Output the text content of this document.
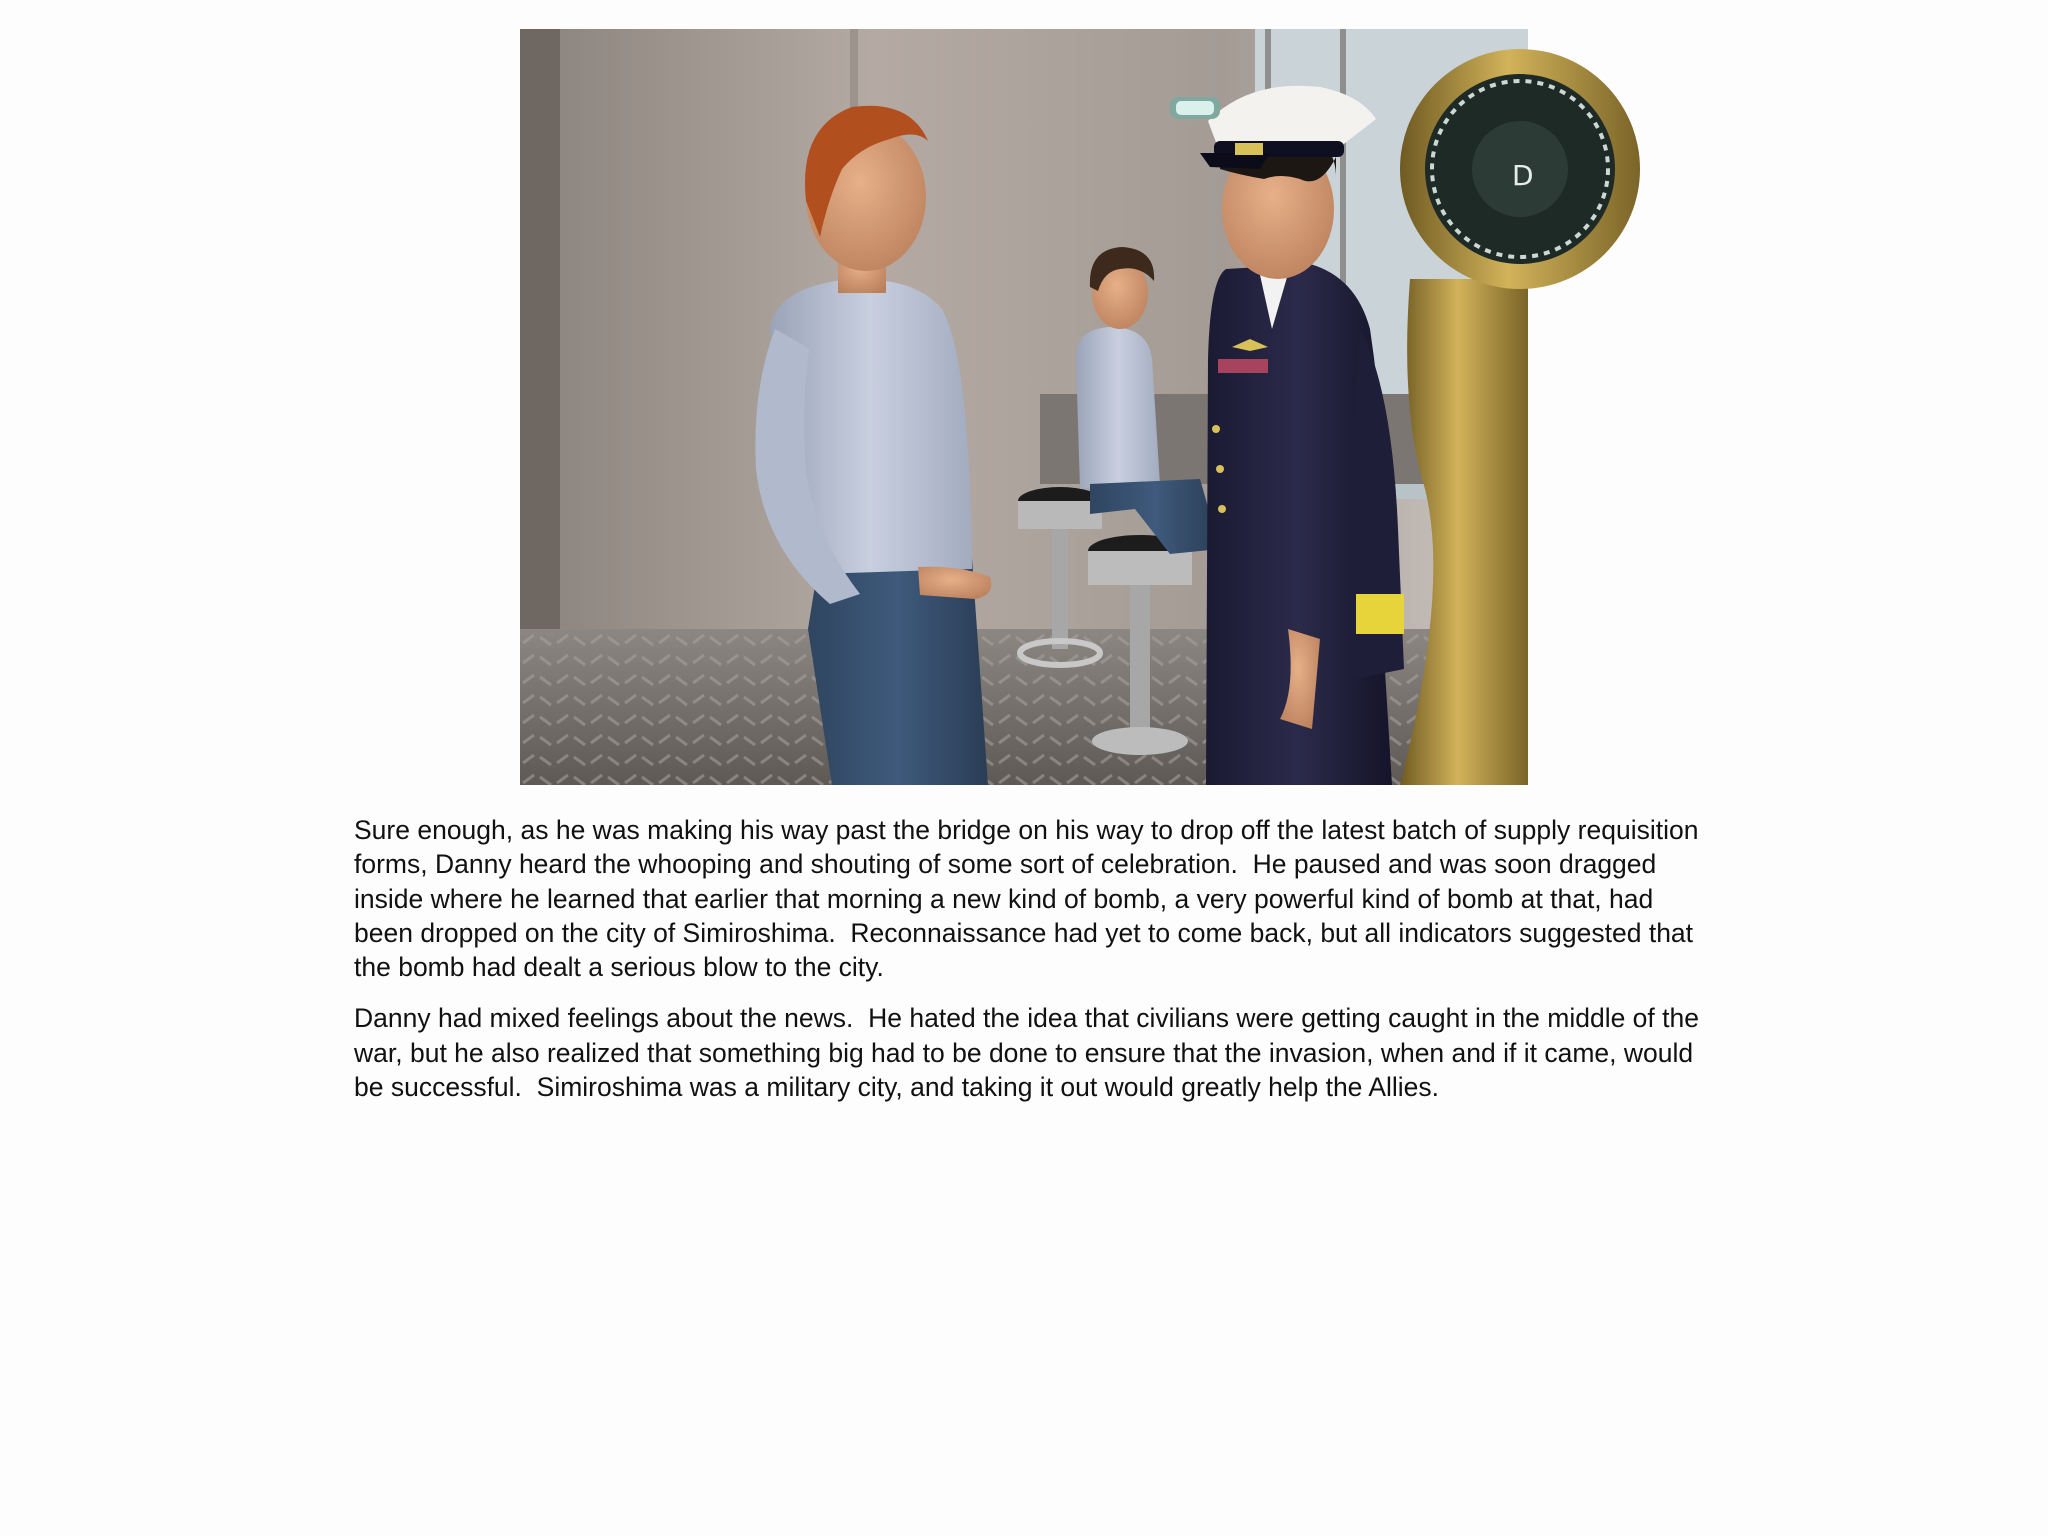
D

Sure enough, as he was making his way past the bridge on his way to drop off the latest batch of supply requisition forms, Danny heard the whooping and shouting of some sort of celebration.  He paused and was soon dragged inside where he learned that earlier that morning a new kind of bomb, a very powerful kind of bomb at that, had been dropped on the city of Simiroshima.  Reconnaissance had yet to come back, but all indicators suggested that the bomb had dealt a serious blow to the city.

Danny had mixed feelings about the news.  He hated the idea that civilians were getting caught in the middle of the war, but he also realized that something big had to be done to ensure that the invasion, when and if it came, would be successful.  Simiroshima was a military city, and taking it out would greatly help the Allies.
